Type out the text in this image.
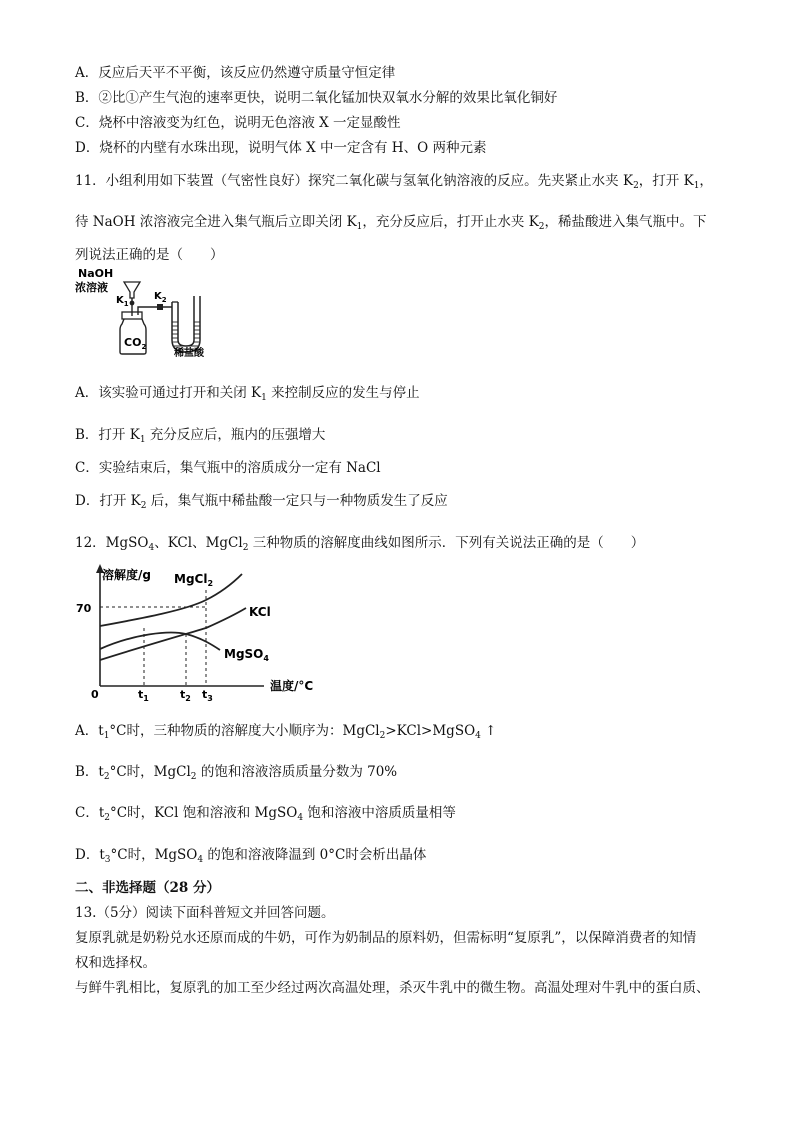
A．反应后天平不平衡，该反应仍然遵守质量守恒定律
B．②比①产生气泡的速率更快，说明二氧化锰加快双氧水分解的效果比氧化铜好
C．烧杯中溶液变为红色，说明无色溶液 X 一定显酸性
D．烧杯的内壁有水珠出现，说明气体 X 中一定含有 H、O 两种元素
11．小组利用如下装置（气密性良好）探究二氧化碳与氢氧化钠溶液的反应。先夹紧止水夹 $K_2$，打开 $K_1$，
待 NaOH 浓溶液完全进入集气瓶后立即关闭 $K_1$，充分反应后，打开止水夹 $K_2$，稀盐酸进入集气瓶中。下
列说法正确的是（　　）
NaOH
浓溶液
$K_1$
$CO_2$
$K_2$
稀盐酸
A．该实验可通过打开和关闭 $K_1$ 来控制反应的发生与停止
B．打开 $K_1$ 充分反应后，瓶内的压强增大
C．实验结束后，集气瓶中的溶质成分一定有 NaCl
D．打开 $K_2$ 后，集气瓶中稀盐酸一定只与一种物质发生了反应
12．MgSO$_4$、KCl、MgCl$_2$ 三种物质的溶解度曲线如图所示．下列有关说法正确的是（　　）
溶解度/g
温度/°C
70
0
MgCl$_2$
KCl
MgSO$_4$
$t_1$	$t_2$ $t_3$
A．$t_1^\circ C$时，三种物质的溶解度大小顺序为：MgCl$_2$>KCl>MgSO$_4$ ↑
B．$t_2^\circ C$时，MgCl$_2$ 的饱和溶液溶质质量分数为 70%
C．$t_2^\circ C$时，KCl 饱和溶液和 MgSO$_4$ 饱和溶液中溶质质量相等
D．$t_3^\circ C$时，MgSO$_4$ 的饱和溶液降温到 0°C时会析出晶体
二、非选择题（28 分）
13.（5分）阅读下面科普短文并回答问题。
复原乳就是奶粉兑水还原而成的牛奶，可作为奶制品的原料奶，但需标明“复原乳”，以保障消费者的知情
权和选择权。
与鲜牛乳相比，复原乳的加工至少经过两次高温处理，杀灭牛乳中的微生物。高温处理对牛乳中的蛋白质、
